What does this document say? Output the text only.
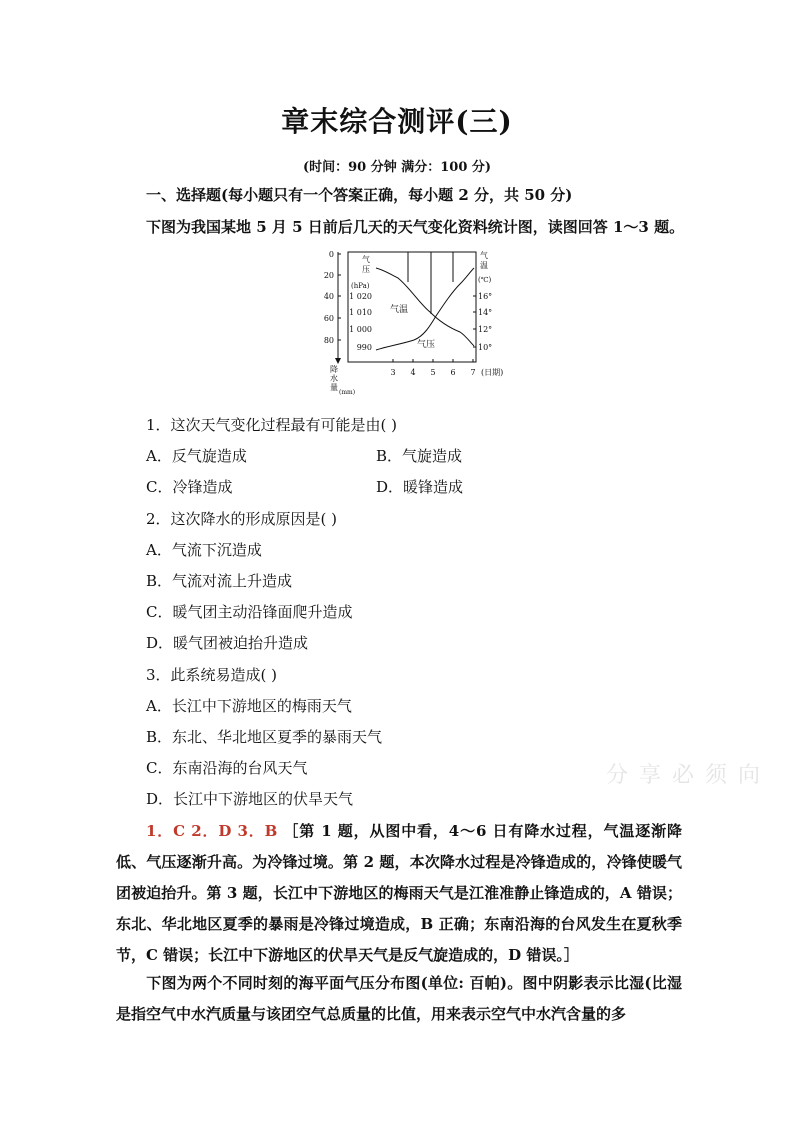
章末综合测评(三)
(时间：90 分钟 满分：100 分)
一、选择题(每小题只有一个答案正确，每小题 2 分，共 50 分)
下图为我国某地 5 月 5 日前后几天的天气变化资料统计图，读图回答 1～3 题。
0
20
40
60
80
1 020
1 010
1 000
990
16°
14°
12°
10°
3 4 5 6 7
气温
气压
(日期)
降
水
量
(mm)
气
压
(hPa)
气
温
(℃)
1．这次天气变化过程最有可能是由( )
A．反气旋造成	B．气旋造成
C．冷锋造成	D．暖锋造成
2．这次降水的形成原因是( )
A．气流下沉造成
B．气流对流上升造成
C．暖气团主动沿锋面爬升造成
D．暖气团被迫抬升造成
3．此系统易造成( )
A．长江中下游地区的梅雨天气
B．东北、华北地区夏季的暴雨天气
C．东南沿海的台风天气
D．长江中下游地区的伏旱天气
分 享 必 须 向
1．C 2．D 3．B ［第 1 题，从图中看，4～6 日有降水过程，气温逐渐降低、气压逐渐升高。为冷锋过境。第 2 题，本次降水过程是冷锋造成的，冷锋使暖气团被迫抬升。第 3 题，长江中下游地区的梅雨天气是江淮准静止锋造成的，A 错误； 东北、华北地区夏季的暴雨是冷锋过境造成，B 正确；东南沿海的台风发生在夏秋季节，C 错误；长江中下游地区的伏旱天气是反气旋造成的，D 错误。］
下图为两个不同时刻的海平面气压分布图(单位: 百帕)。图中阴影表示比湿(比湿是指空气中水汽质量与该团空气总质量的比值，用来表示空气中水汽含量的多
